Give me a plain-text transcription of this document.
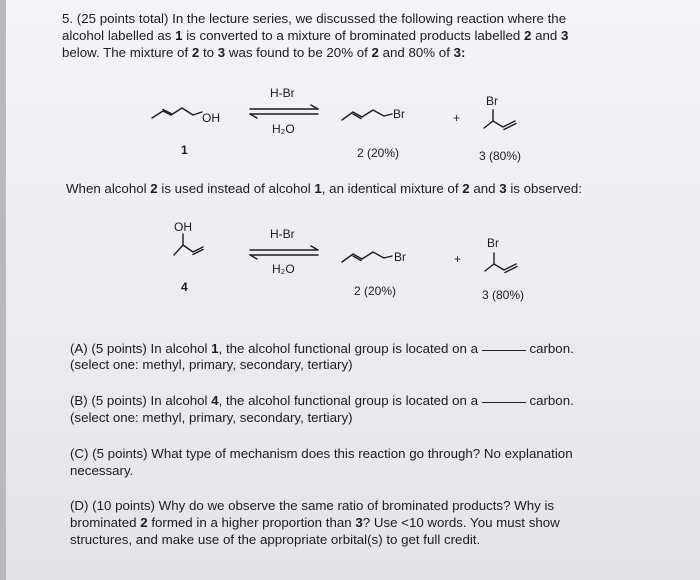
5. (25 points total) In the lecture series, we discussed the following reaction where the

alcohol labelled as 1 is converted to a mixture of brominated products labelled 2 and 3

below. The mixture of 2 to 3 was found to be 20% of 2 and 80% of 3:

OH
H-Br
H₂O
Br	+
Br
1	2 (20%)	3 (80%)

When alcohol 2 is used instead of alcohol 1, an identical mixture of 2 and 3 is observed:

OH	H-Br
H₂O
Br	+
Br
4	2 (20%)	3 (80%)

(A) (5 points) In alcohol 1, the alcohol functional group is located on a	carbon.

(select one: methyl, primary, secondary, tertiary)

(B) (5 points) In alcohol 4, the alcohol functional group is located on a	carbon.

(select one: methyl, primary, secondary, tertiary)

(C) (5 points) What type of mechanism does this reaction go through? No explanation

necessary.

(D) (10 points) Why do we observe the same ratio of brominated products? Why is

brominated 2 formed in a higher proportion than 3? Use <10 words. You must show

structures, and make use of the appropriate orbital(s) to get full credit.
